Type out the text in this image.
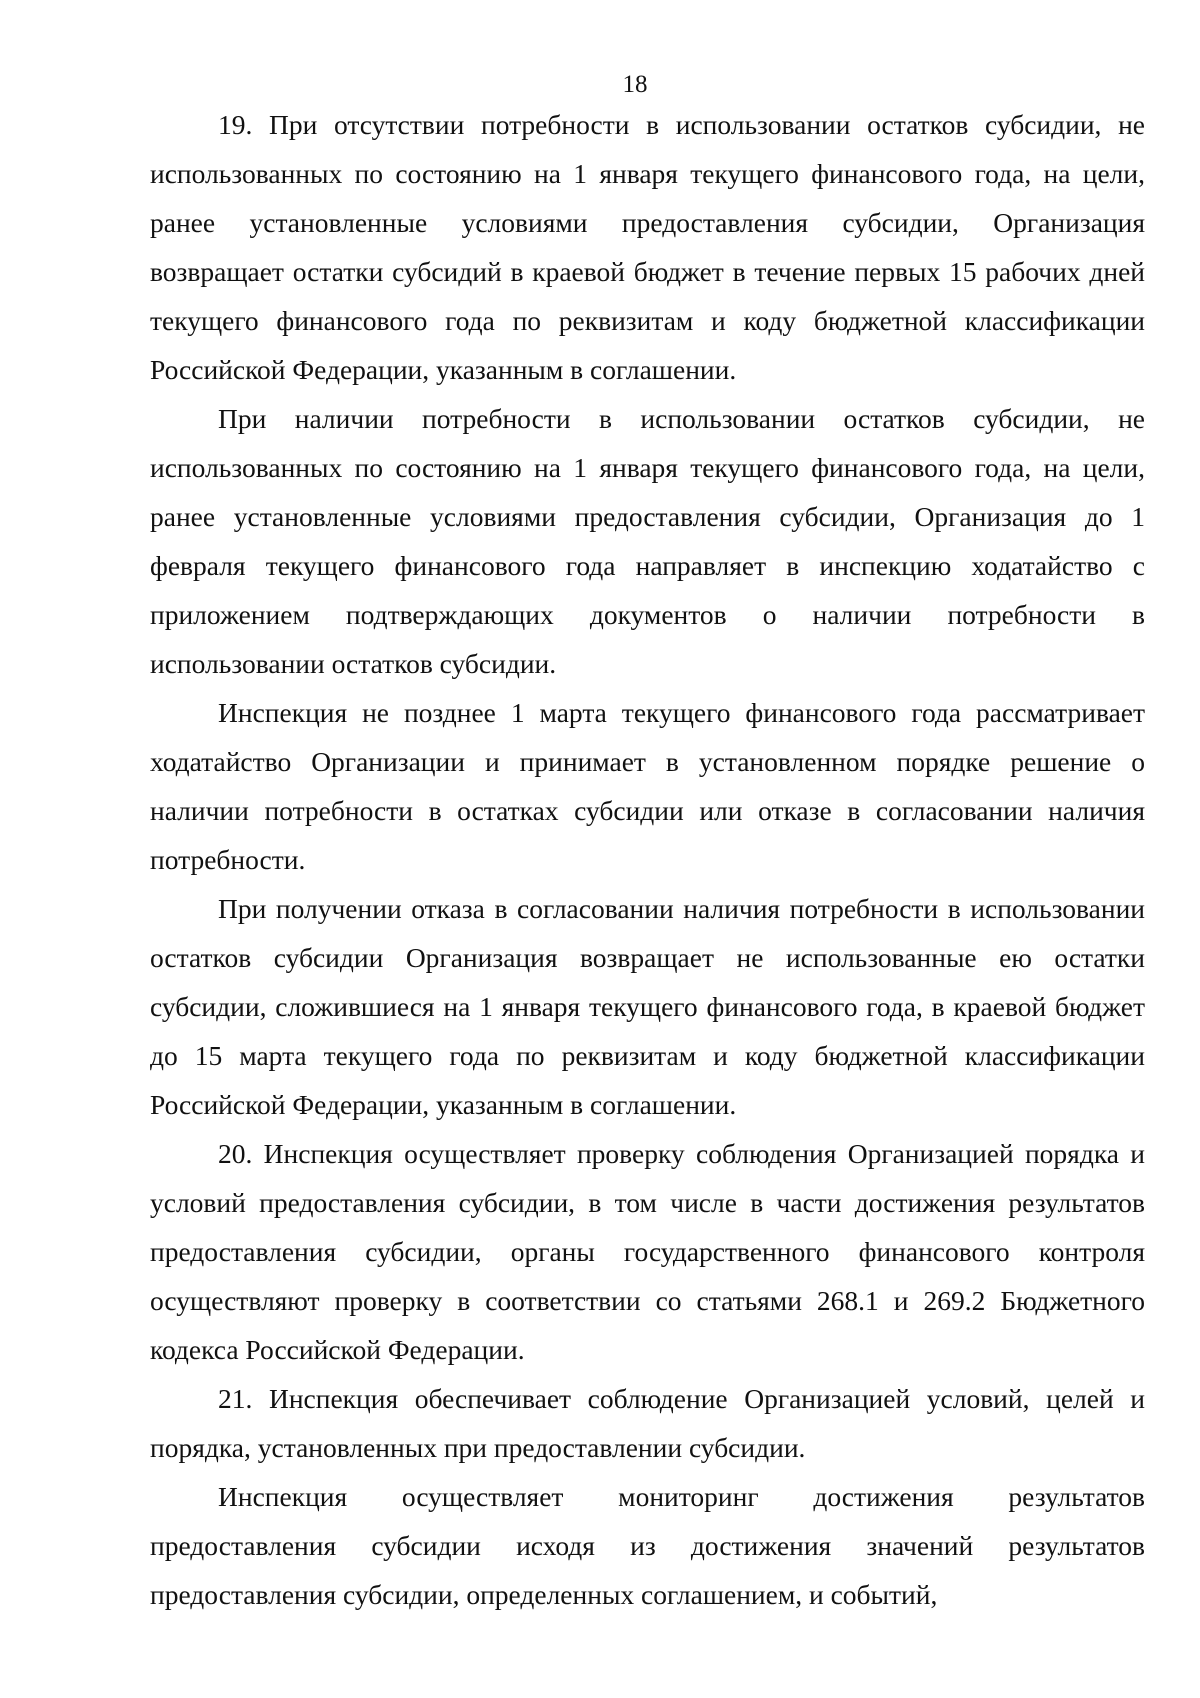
18

19. При отсутствии потребности в использовании остатков субсидии, не использованных по состоянию на 1 января текущего финансового года, на цели, ранее установленные условиями предоставления субсидии, Организация возвращает остатки субсидий в краевой бюджет в течение первых 15 рабочих дней текущего финансового года по реквизитам и коду бюджетной классификации Российской Федерации, указанным в соглашении.

При наличии потребности в использовании остатков субсидии, не использованных по состоянию на 1 января текущего финансового года, на цели, ранее установленные условиями предоставления субсидии, Организация до 1 февраля текущего финансового года направляет в инспекцию ходатайство с приложением подтверждающих документов о наличии потребности в использовании остатков субсидии.

Инспекция не позднее 1 марта текущего финансового года рассматривает ходатайство Организации и принимает в установленном порядке решение о наличии потребности в остатках субсидии или отказе в согласовании наличия потребности.

При получении отказа в согласовании наличия потребности в использовании остатков субсидии Организация возвращает не использованные ею остатки субсидии, сложившиеся на 1 января текущего финансового года, в краевой бюджет до 15 марта текущего года по реквизитам и коду бюджетной классификации Российской Федерации, указанным в соглашении.

20. Инспекция осуществляет проверку соблюдения Организацией порядка и условий предоставления субсидии, в том числе в части достижения результатов предоставления субсидии, органы государственного финансового контроля осуществляют проверку в соответствии со статьями 268.1 и 269.2 Бюджетного кодекса Российской Федерации.

21. Инспекция обеспечивает соблюдение Организацией условий, целей и порядка, установленных при предоставлении субсидии.

Инспекция осуществляет мониторинг достижения результатов предоставления субсидии исходя из достижения значений результатов предоставления субсидии, определенных соглашением, и событий,
